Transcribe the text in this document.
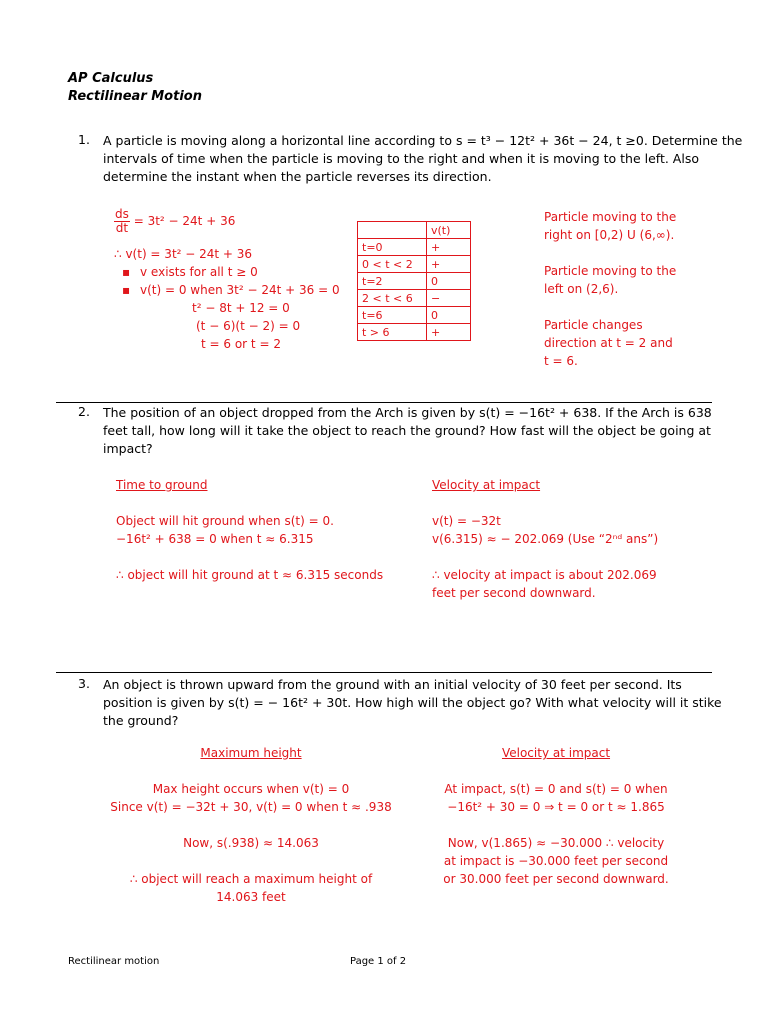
AP Calculus
Rectilinear Motion
1. A particle is moving along a horizontal line according to s = t³ − 12t² + 36t − 24, t ≥0. Determine the
intervals of time when the particle is moving to the right and when it is moving to the left. Also
determine the instant when the particle reverses its direction.
$\frac{ds}{dt} = 3t^2 - 24t + 36$
∴ v(t) = 3t² − 24t + 36
▪ v exists for all t ≥ 0
▪ v(t) = 0 when 3t² − 24t + 36 = 0
t² − 8t + 12 = 0
(t − 6)(t − 2) = 0
t = 6 or t = 2
	v(t)
t=0	+
0 < t < 2	+
t=2	0
2 < t < 6	−
t=6	0
t > 6	+
Particle moving to the
right on [0,2) U (6,∞).
Particle moving to the
left on (2,6).
Particle changes
direction at t = 2 and
t = 6.
2. The position of an object dropped from the Arch is given by s(t) = −16t² + 638. If the Arch is 638
feet tall, how long will it take the object to reach the ground? How fast will the object be going at
impact?
Time to ground
Object will hit ground when s(t) = 0.
−16t² + 638 = 0 when t ≈ 6.315
∴ object will hit ground at t ≈ 6.315 seconds
Velocity at impact
v(t) = −32t
v(6.315) ≈ − 202.069 (Use “2ⁿᵈ ans”)
∴ velocity at impact is about 202.069
feet per second downward.
3. An object is thrown upward from the ground with an initial velocity of 30 feet per second. Its
position is given by s(t) = − 16t² + 30t. How high will the object go? With what velocity will it stike
the ground?
Maximum height
Max height occurs when v(t) = 0
Since v(t) = −32t + 30, v(t) = 0 when t ≈ .938
Now, s(.938) ≈ 14.063
∴ object will reach a maximum height of
14.063 feet
Velocity at impact
At impact, s(t) = 0 and s(t) = 0 when
−16t² + 30 = 0 ⇒ t = 0 or t ≈ 1.865
Now, v(1.865) ≈ −30.000 ∴ velocity
at impact is −30.000 feet per second
or 30.000 feet per second downward.
Rectilinear motion	Page 1 of 2
